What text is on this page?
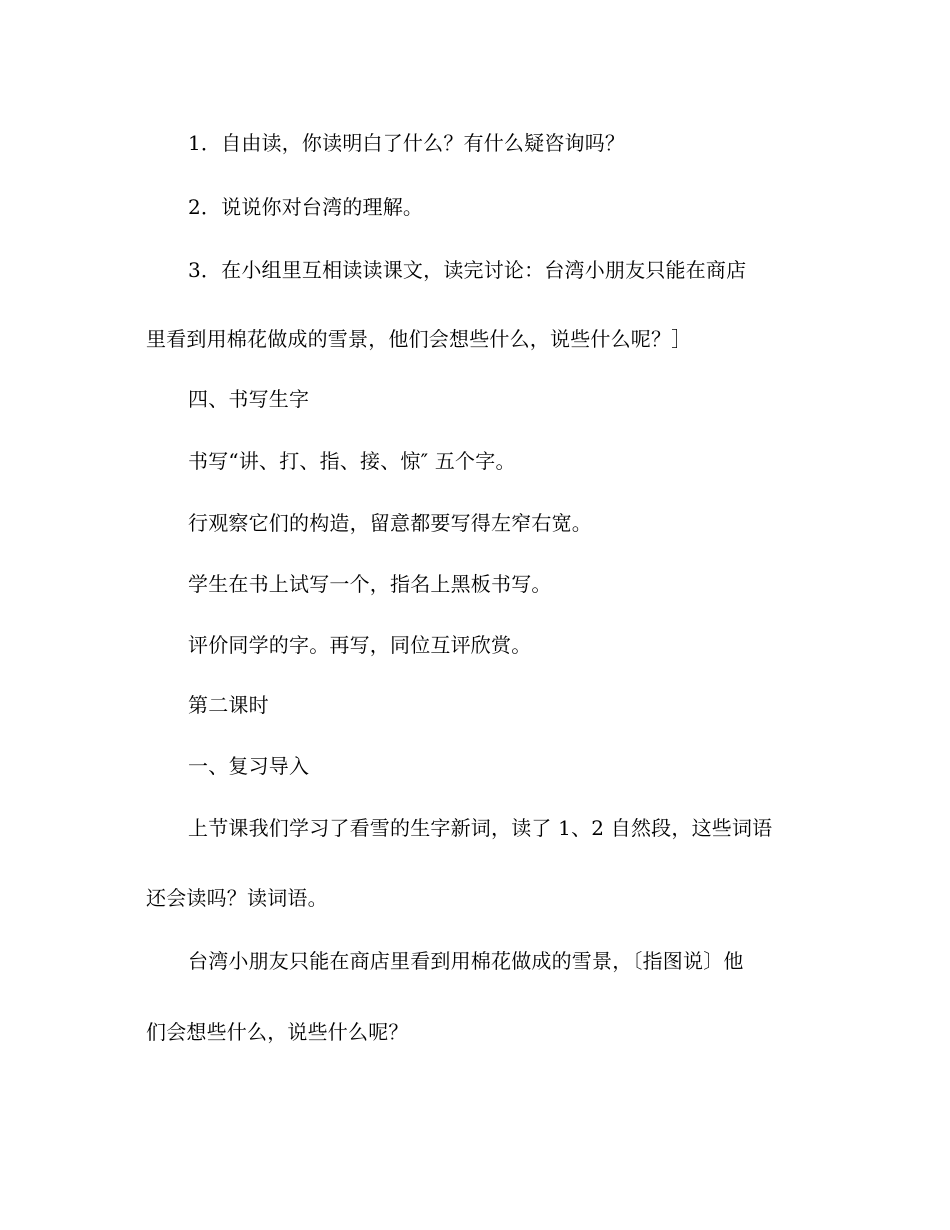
1．自由读，你读明白了什么？有什么疑咨询吗？
2．说说你对台湾的理解。
3．在小组里互相读读课文，读完讨论：台湾小朋友只能在商店
里看到用棉花做成的雪景，他们会想些什么，说些什么呢？］
四、书写生字
书写“讲、打、指、接、惊″ 五个字。
行观察它们的构造，留意都要写得左窄右宽。
学生在书上试写一个，指名上黑板书写。
评价同学的字。再写，同位互评欣赏。
第二课时
一、复习导入
上节课我们学习了看雪的生字新词，读了 1、2 自然段，这些词语
还会读吗？读词语。
台湾小朋友只能在商店里看到用棉花做成的雪景，〔指图说〕他
们会想些什么，说些什么呢？
